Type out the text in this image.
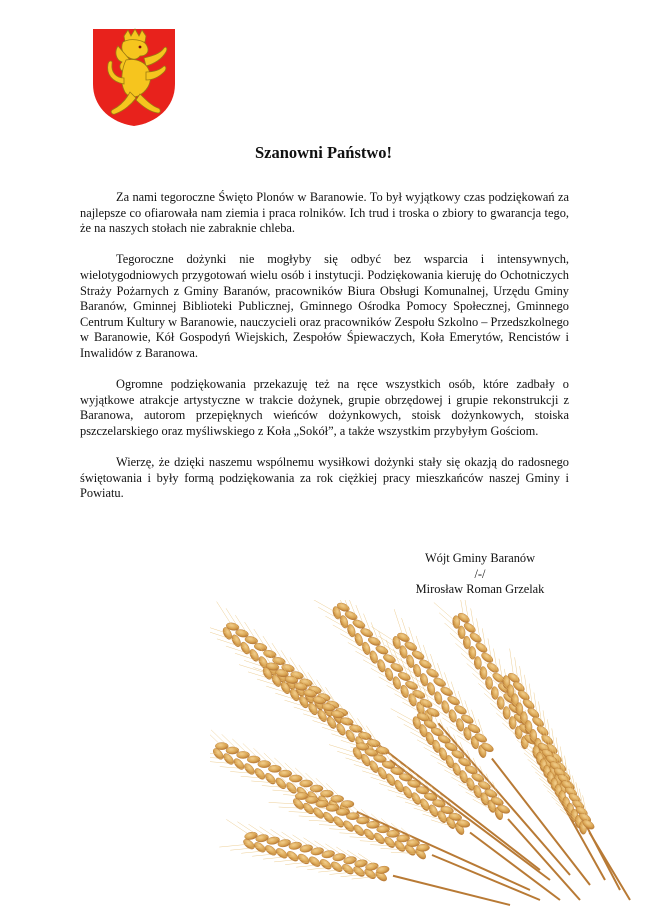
Szanowni Państwo!

Za nami tegoroczne Święto Plonów w Baranowie. To był wyjątkowy czas podziękowań za najlepsze co ofiarowała nam ziemia i praca rolników. Ich trud i troska o zbiory to gwarancja tego, że na naszych stołach nie zabraknie chleba.

Tegoroczne dożynki nie mogłyby się odbyć bez wsparcia i intensywnych, wielotygodniowych przygotowań wielu osób i instytucji. Podziękowania kieruję do Ochotniczych Straży Pożarnych z Gminy Baranów, pracowników Biura Obsługi Komunalnej, Urzędu Gminy Baranów, Gminnej Biblioteki Publicznej, Gminnego Ośrodka Pomocy Społecznej, Gminnego Centrum Kultury w Baranowie, nauczycieli oraz pracowników Zespołu Szkolno – Przedszkolnego w Baranowie, Kół Gospodyń Wiejskich, Zespołów Śpiewaczych, Koła Emerytów, Rencistów i Inwalidów z Baranowa.

Ogromne podziękowania przekazuję też na ręce wszystkich osób, które zadbały o wyjątkowe atrakcje artystyczne w trakcie dożynek, grupie obrzędowej i grupie rekonstrukcji z Baranowa, autorom przepięknych wieńców dożynkowych, stoisk dożynkowych, stoiska pszczelarskiego oraz myśliwskiego z Koła „Sokół”, a także wszystkim przybyłym Gościom.

Wierzę, że dzięki naszemu wspólnemu wysiłkowi dożynki stały się okazją do radosnego świętowania i były formą podziękowania za rok ciężkiej pracy mieszkańców naszej Gminy i Powiatu.

Wójt Gminy Baranów
/-/
Mirosław Roman Grzelak
